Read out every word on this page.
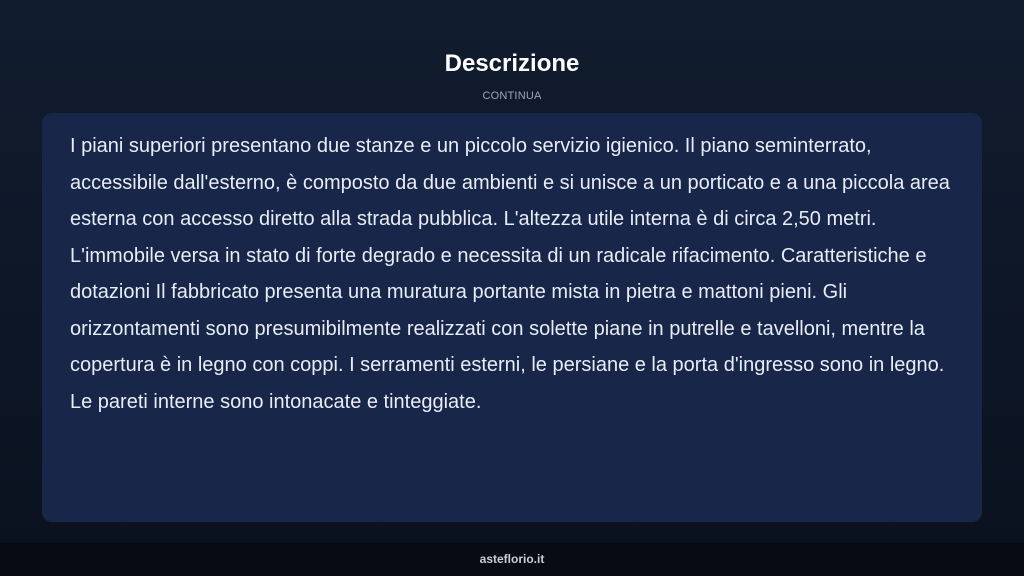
Descrizione
CONTINUA

I piani superiori presentano due stanze e un piccolo servizio igienico. Il piano seminterrato, accessibile dall'esterno, è composto da due ambienti e si unisce a un porticato e a una piccola area esterna con accesso diretto alla strada pubblica. L'altezza utile interna è di circa 2,50 metri. L'immobile versa in stato di forte degrado e necessita di un radicale rifacimento. Caratteristiche e dotazioni Il fabbricato presenta una muratura portante mista in pietra e mattoni pieni. Gli orizzontamenti sono presumibilmente realizzati con solette piane in putrelle e tavelloni, mentre la copertura è in legno con coppi. I serramenti esterni, le persiane e la porta d'ingresso sono in legno. Le pareti interne sono intonacate e tinteggiate.

asteflorio.it
